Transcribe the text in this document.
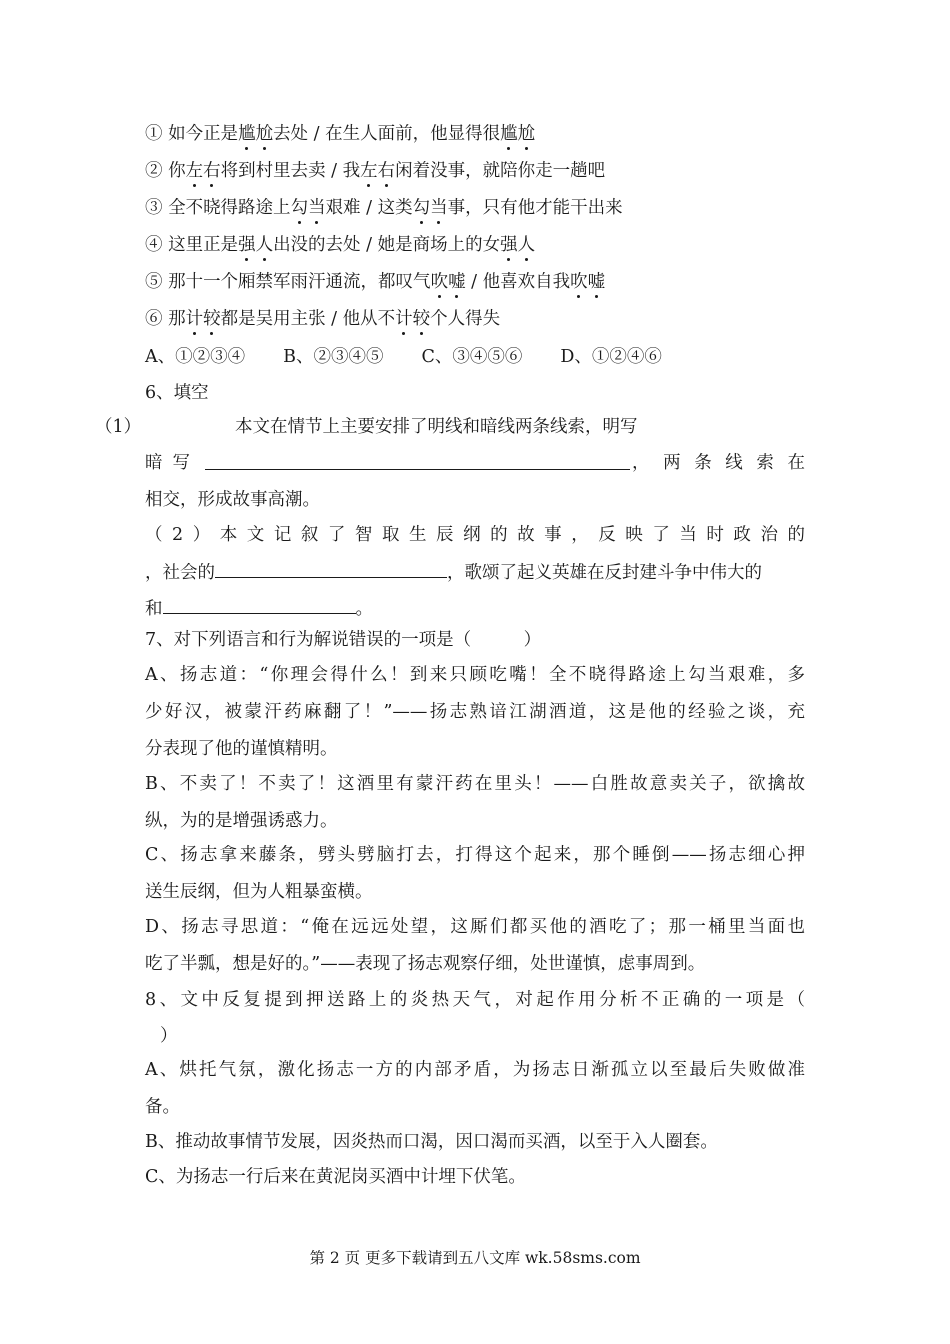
① 如今正是尴尬去处 / 在生人面前，他显得很尴尬
② 你左右将到村里去卖 / 我左右闲着没事，就陪你走一趟吧
③ 全不晓得路途上勾当艰难 / 这类勾当事，只有他才能干出来
④ 这里正是强人出没的去处 / 她是商场上的女强人
⑤ 那十一个厢禁军雨汗通流，都叹气吹嘘 / 他喜欢自我吹嘘
⑥ 那计较都是吴用主张 / 他从不计较个人得失
A、①②③④ B、②③④⑤ C、③④⑤⑥ D、①②④⑥
6、填空
（1）	本文在情节上主要安排了明线和暗线两条线索，明写
暗写	，两条线索在
相交，形成故事高潮。
（2）本文记叙了智取生辰纲的故事，反映了当时政治的
，社会的	，歌颂了起义英雄在反封建斗争中伟大的
和	。
7、对下列语言和行为解说错误的一项是（　　　）
A、扬志道：“你理会得什么！到来只顾吃嘴！全不晓得路途上勾当艰难，多
少好汉，被蒙汗药麻翻了！”——扬志熟谙江湖酒道，这是他的经验之谈，充
分表现了他的谨慎精明。
B、不卖了！不卖了！这酒里有蒙汗药在里头！——白胜故意卖关子，欲擒故
纵，为的是增强诱惑力。
C、扬志拿来藤条，劈头劈脑打去，打得这个起来，那个睡倒——扬志细心押
送生辰纲，但为人粗暴蛮横。
D、扬志寻思道：“俺在远远处望，这厮们都买他的酒吃了；那一桶里当面也
吃了半瓢，想是好的。”——表现了扬志观察仔细，处世谨慎，虑事周到。
8、文中反复提到押送路上的炎热天气，对起作用分析不正确的一项是（
）
A、烘托气氛，激化扬志一方的内部矛盾，为扬志日渐孤立以至最后失败做准
备。
B、推动故事情节发展，因炎热而口渴，因口渴而买酒，以至于入人圈套。
C、为扬志一行后来在黄泥岗买酒中计埋下伏笔。
第 2 页 更多下载请到五八文库 wk.58sms.com
